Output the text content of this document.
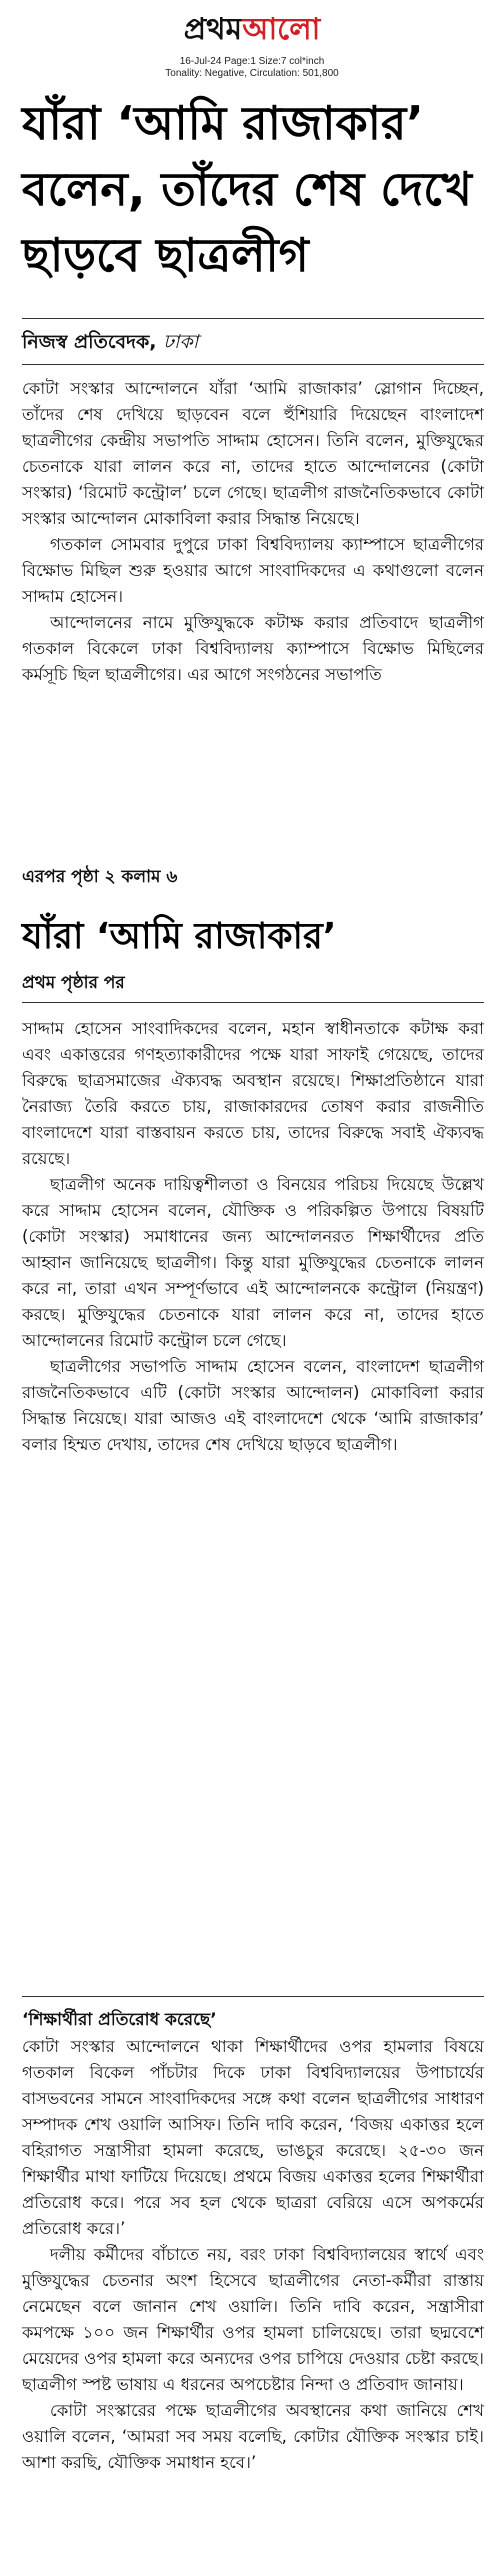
প্রথমআলো
16-Jul-24 Page:1 Size:7 col*inch
Tonality: Negative, Circulation: 501,800
যাঁরা ‘আমি রাজাকার’ বলেন, তাঁদের শেষ দেখে ছাড়বে ছাত্রলীগ
নিজস্ব প্রতিবেদক, ঢাকা

কোটা সংস্কার আন্দোলনে যাঁরা ‘আমি রাজাকার’ স্লোগান দিচ্ছেন, তাঁদের শেষ দেখিয়ে ছাড়বেন বলে হুঁশিয়ারি দিয়েছেন বাংলাদেশ ছাত্রলীগের কেন্দ্রীয় সভাপতি সাদ্দাম হোসেন। তিনি বলেন, মুক্তিযুদ্ধের চেতনাকে যারা লালন করে না, তাদের হাতে আন্দোলনের (কোটা সংস্কার) ‘রিমোট কন্ট্রোল’ চলে গেছে। ছাত্রলীগ রাজনৈতিকভাবে কোটা সংস্কার আন্দোলন মোকাবিলা করার সিদ্ধান্ত নিয়েছে।

গতকাল সোমবার দুপুরে ঢাকা বিশ্ববিদ্যালয় ক্যাম্পাসে ছাত্রলীগের বিক্ষোভ মিছিল শুরু হওয়ার আগে সাংবাদিকদের এ কথাগুলো বলেন সাদ্দাম হোসেন।

আন্দোলনের নামে মুক্তিযুদ্ধকে কটাক্ষ করার প্রতিবাদে ছাত্রলীগ গতকাল বিকেলে ঢাকা বিশ্ববিদ্যালয় ক্যাম্পাসে বিক্ষোভ মিছিলের কর্মসূচি ছিল ছাত্রলীগের। এর আগে সংগঠনের সভাপতি

এরপর পৃষ্ঠা ২ কলাম ৬
যাঁরা ‘আমি রাজাকার’
প্রথম পৃষ্ঠার পর

সাদ্দাম হোসেন সাংবাদিকদের বলেন, মহান স্বাধীনতাকে কটাক্ষ করা এবং একাত্তরের গণহত্যাকারীদের পক্ষে যারা সাফাই গেয়েছে, তাদের বিরুদ্ধে ছাত্রসমাজের ঐক্যবদ্ধ অবস্থান রয়েছে। শিক্ষাপ্রতিষ্ঠানে যারা নৈরাজ্য তৈরি করতে চায়, রাজাকারদের তোষণ করার রাজনীতি বাংলাদেশে যারা বাস্তবায়ন করতে চায়, তাদের বিরুদ্ধে সবাই ঐক্যবদ্ধ রয়েছে।

ছাত্রলীগ অনেক দায়িত্বশীলতা ও বিনয়ের পরিচয় দিয়েছে উল্লেখ করে সাদ্দাম হোসেন বলেন, যৌক্তিক ও পরিকল্পিত উপায়ে বিষয়টি (কোটা সংস্কার) সমাধানের জন্য আন্দোলনরত শিক্ষার্থীদের প্রতি আহ্বান জানিয়েছে ছাত্রলীগ। কিন্তু যারা মুক্তিযুদ্ধের চেতনাকে লালন করে না, তারা এখন সম্পূর্ণভাবে এই আন্দোলনকে কন্ট্রোল (নিয়ন্ত্রণ) করছে। মুক্তিযুদ্ধের চেতনাকে যারা লালন করে না, তাদের হাতে আন্দোলনের রিমোট কন্ট্রোল চলে গেছে।

ছাত্রলীগের সভাপতি সাদ্দাম হোসেন বলেন, বাংলাদেশ ছাত্রলীগ রাজনৈতিকভাবে এটি (কোটা সংস্কার আন্দোলন) মোকাবিলা করার সিদ্ধান্ত নিয়েছে। যারা আজও এই বাংলাদেশে থেকে ‘আমি রাজাকার’ বলার হিম্মত দেখায়, তাদের শেষ দেখিয়ে ছাড়বে ছাত্রলীগ।

‘শিক্ষার্থীরা প্রতিরোধ করেছে’

কোটা সংস্কার আন্দোলনে থাকা শিক্ষার্থীদের ওপর হামলার বিষয়ে গতকাল বিকেল পাঁচটার দিকে ঢাকা বিশ্ববিদ্যালয়ের উপাচার্যের বাসভবনের সামনে সাংবাদিকদের সঙ্গে কথা বলেন ছাত্রলীগের সাধারণ সম্পাদক শেখ ওয়ালি আসিফ। তিনি দাবি করেন, ‘বিজয় একাত্তর হলে বহিরাগত সন্ত্রাসীরা হামলা করেছে, ভাঙচুর করেছে। ২৫-৩০ জন শিক্ষার্থীর মাথা ফাটিয়ে দিয়েছে। প্রথমে বিজয় একাত্তর হলের শিক্ষার্থীরা প্রতিরোধ করে। পরে সব হল থেকে ছাত্ররা বেরিয়ে এসে অপকর্মের প্রতিরোধ করে।’

দলীয় কর্মীদের বাঁচাতে নয়, বরং ঢাকা বিশ্ববিদ্যালয়ের স্বার্থে এবং মুক্তিযুদ্ধের চেতনার অংশ হিসেবে ছাত্রলীগের নেতা-কর্মীরা রাস্তায় নেমেছেন বলে জানান শেখ ওয়ালি। তিনি দাবি করেন, সন্ত্রাসীরা কমপক্ষে ১০০ জন শিক্ষার্থীর ওপর হামলা চালিয়েছে। তারা ছদ্মবেশে মেয়েদের ওপর হামলা করে অন্যদের ওপর চাপিয়ে দেওয়ার চেষ্টা করছে। ছাত্রলীগ স্পষ্ট ভাষায় এ ধরনের অপচেষ্টার নিন্দা ও প্রতিবাদ জানায়।

কোটা সংস্কারের পক্ষে ছাত্রলীগের অবস্থানের কথা জানিয়ে শেখ ওয়ালি বলেন, ‘আমরা সব সময় বলেছি, কোটার যৌক্তিক সংস্কার চাই। আশা করছি, যৌক্তিক সমাধান হবে।’
